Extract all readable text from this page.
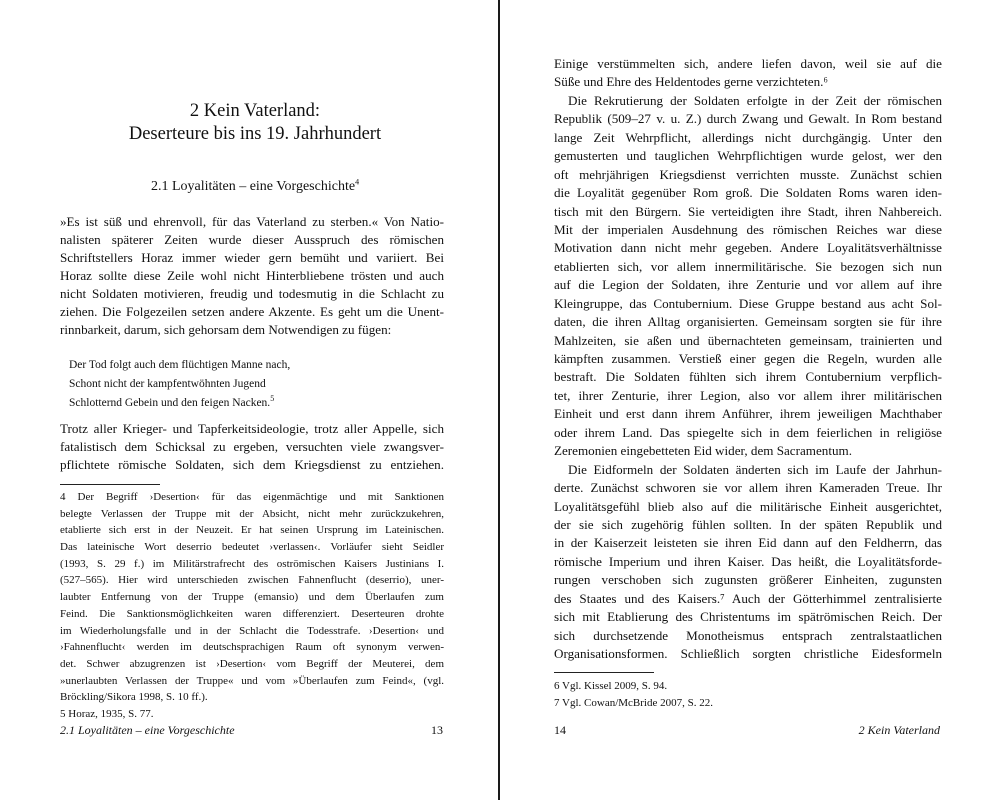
2 Kein Vaterland:
Deserteure bis ins 19. Jahrhundert
2.1 Loyalitäten – eine Vorgeschichte$^4$
»Es ist süß und ehrenvoll, für das Vaterland zu sterben.« Von Natio-
nalisten späterer Zeiten wurde dieser Ausspruch des römischen
Schriftstellers Horaz immer wieder gern bemüht und variiert. Bei
Horaz sollte diese Zeile wohl nicht Hinterbliebene trösten und auch
nicht Soldaten motivieren, freudig und todesmutig in die Schlacht zu
ziehen. Die Folgezeilen setzen andere Akzente. Es geht um die Unent-
rinnbarkeit, darum, sich gehorsam dem Notwendigen zu fügen:
Der Tod folgt auch dem flüchtigen Manne nach,
Schont nicht der kampfentwöhnten Jugend
Schlotternd Gebein und den feigen Nacken.$^5$
Trotz aller Krieger- und Tapferkeitsideologie, trotz aller Appelle, sich
fatalistisch dem Schicksal zu ergeben, versuchten viele zwangsver-
pflichtete römische Soldaten, sich dem Kriegsdienst zu entziehen.
4 Der Begriff ›Desertion‹ für das eigenmächtige und mit Sanktionen
belegte Verlassen der Truppe mit der Absicht, nicht mehr zurückzukehren,
etablierte sich erst in der Neuzeit. Er hat seinen Ursprung im Lateinischen.
Das lateinische Wort deserrio bedeutet ›verlassen‹. Vorläufer sieht Seidler
(1993, S. 29 f.) im Militärstrafrecht des oströmischen Kaisers Justinians I.
(527–565). Hier wird unterschieden zwischen Fahnenflucht (deserrio), uner-
laubter Entfernung von der Truppe (emansio) und dem Überlaufen zum
Feind. Die Sanktionsmöglichkeiten waren differenziert. Deserteuren drohte
im Wiederholungsfalle und in der Schlacht die Todesstrafe. ›Desertion‹ und
›Fahnenflucht‹ werden im deutschsprachigen Raum oft synonym verwen-
det. Schwer abzugrenzen ist ›Desertion‹ vom Begriff der Meuterei, dem
»unerlaubten Verlassen der Truppe« und vom »Überlaufen zum Feind«, (vgl.
Bröckling/Sikora 1998, S. 10 ff.).
5 Horaz, 1935, S. 77.
2.1 Loyalitäten – eine Vorgeschichte	13
Einige verstümmelten sich, andere liefen davon, weil sie auf die
Süße und Ehre des Heldentodes gerne verzichteten.⁶
Die Rekrutierung der Soldaten erfolgte in der Zeit der römischen
Republik (509–27 v. u. Z.) durch Zwang und Gewalt. In Rom bestand
lange Zeit Wehrpflicht, allerdings nicht durchgängig. Unter den
gemusterten und tauglichen Wehrpflichtigen wurde gelost, wer den
oft mehrjährigen Kriegsdienst verrichten musste. Zunächst schien
die Loyalität gegenüber Rom groß. Die Soldaten Roms waren iden-
tisch mit den Bürgern. Sie verteidigten ihre Stadt, ihren Nahbereich.
Mit der imperialen Ausdehnung des römischen Reiches war diese
Motivation dann nicht mehr gegeben. Andere Loyalitätsverhältnisse
etablierten sich, vor allem innermilitärische. Sie bezogen sich nun
auf die Legion der Soldaten, ihre Zenturie und vor allem auf ihre
Kleingruppe, das Contubernium. Diese Gruppe bestand aus acht Sol-
daten, die ihren Alltag organisierten. Gemeinsam sorgten sie für ihre
Mahlzeiten, sie aßen und übernachteten gemeinsam, trainierten und
kämpften zusammen. Verstieß einer gegen die Regeln, wurden alle
bestraft. Die Soldaten fühlten sich ihrem Contubernium verpflich-
tet, ihrer Zenturie, ihrer Legion, also vor allem ihrer militärischen
Einheit und erst dann ihrem Anführer, ihrem jeweiligen Machthaber
oder ihrem Land. Das spiegelte sich in dem feierlichen in religiöse
Zeremonien eingebetteten Eid wider, dem Sacramentum.
Die Eidformeln der Soldaten änderten sich im Laufe der Jahrhun-
derte. Zunächst schworen sie vor allem ihren Kameraden Treue. Ihr
Loyalitätsgefühl blieb also auf die militärische Einheit ausgerichtet,
der sie sich zugehörig fühlen sollten. In der späten Republik und
in der Kaiserzeit leisteten sie ihren Eid dann auf den Feldherrn, das
römische Imperium und ihren Kaiser. Das heißt, die Loyalitätsforde-
rungen verschoben sich zugunsten größerer Einheiten, zugunsten
des Staates und des Kaisers.⁷ Auch der Götterhimmel zentralisierte
sich mit Etablierung des Christentums im spätrömischen Reich. Der
sich durchsetzende Monotheismus entsprach zentralstaatlichen
Organisationsformen. Schließlich sorgten christliche Eidesformeln
6 Vgl. Kissel 2009, S. 94.
7 Vgl. Cowan/McBride 2007, S. 22.
14	2 Kein Vaterland
